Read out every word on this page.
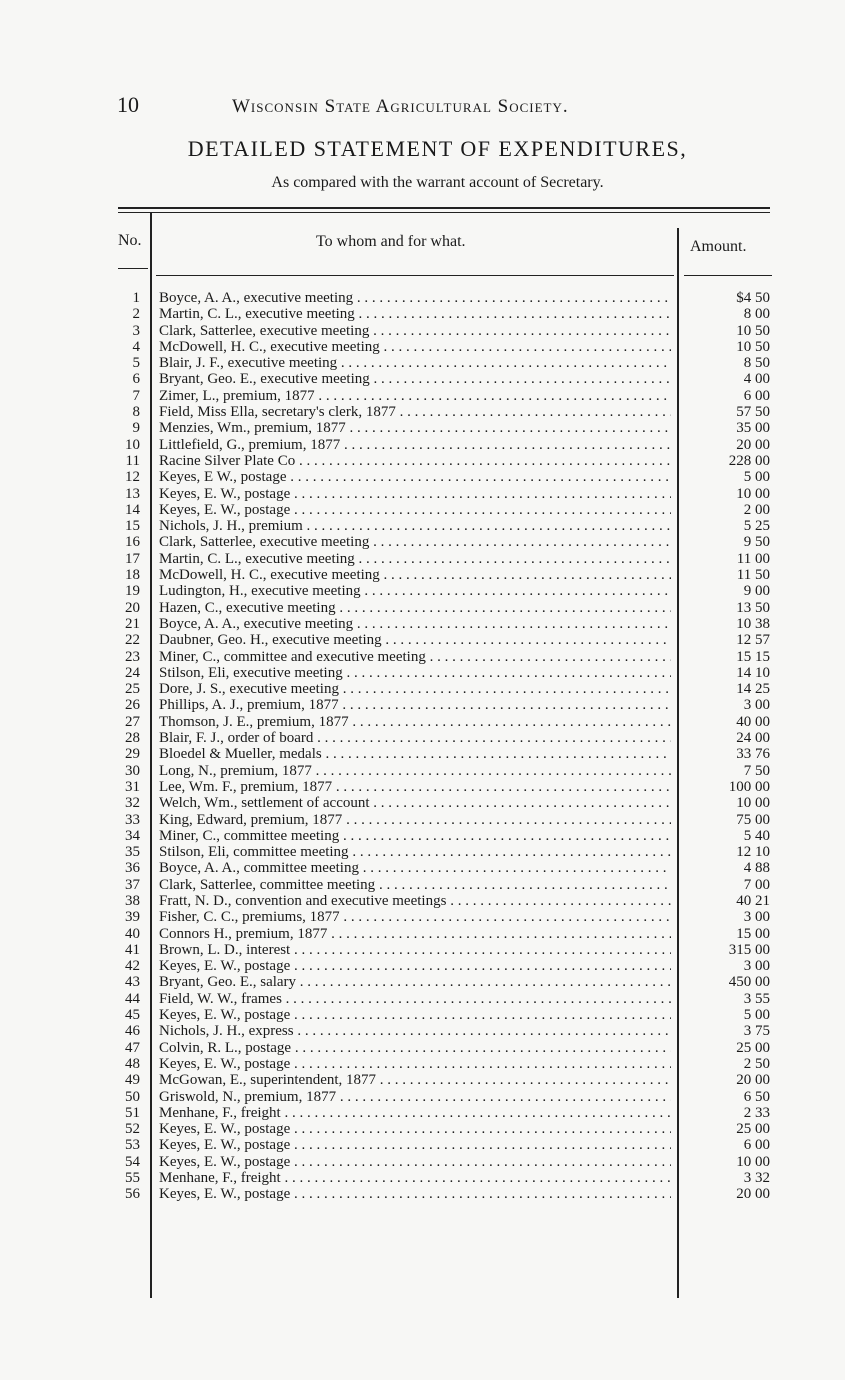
10	Wisconsin State Agricultural Society.
DETAILED STATEMENT OF EXPENDITURES,
As compared with the warrant account of Secretary.
No.	To whom and for what.	Amount.
1 Boyce, A. A., executive meeting . . .	$4 50
2 Martin, C. L., executive meeting . . .	8 00
3 Clark, Satterlee, executive meeting . . .	10 50
4 McDowell, H. C., executive meeting . . .	10 50
5 Blair, J. F., executive meeting . . .	8 50
6 Bryant, Geo. E., executive meeting . . .	4 00
7 Zimer, L., premium, 1877 . . .	6 00
8 Field, Miss Ella, secretary's clerk, 1877 . . .	57 50
9 Menzies, Wm., premium, 1877 . . .	35 00
10 Littlefield, G., premium, 1877 . . .	20 00
11 Racine Silver Plate Co . . .	228 00
12 Keyes, E W., postage . . .	5 00
13 Keyes, E. W., postage . . .	10 00
14 Keyes, E. W., postage . . .	2 00
15 Nichols, J. H., premium . . .	5 25
16 Clark, Satterlee, executive meeting . . .	9 50
17 Martin, C. L., executive meeting . . .	11 00
18 McDowell, H. C., executive meeting . . .	11 50
19 Ludington, H., executive meeting . . .	9 00
20 Hazen, C., executive meeting . . .	13 50
21 Boyce, A. A., executive meeting . . .	10 38
22 Daubner, Geo. H., executive meeting . . .	12 57
23 Miner, C., committee and executive meeting . . .	15 15
24 Stilson, Eli, executive meeting . . .	14 10
25 Dore, J. S., executive meeting . . .	14 25
26 Phillips, A. J., premium, 1877 . . .	3 00
27 Thomson, J. E., premium, 1877 . . .	40 00
28 Blair, F. J., order of board . . .	24 00
29 Bloedel & Mueller, medals . . .	33 76
30 Long, N., premium, 1877 . . .	7 50
31 Lee, Wm. F., premium, 1877 . . .	100 00
32 Welch, Wm., settlement of account . . .	10 00
33 King, Edward, premium, 1877 . . .	75 00
34 Miner, C., committee meeting . . .	5 40
35 Stilson, Eli, committee meeting . . .	12 10
36 Boyce, A. A., committee meeting . . .	4 88
37 Clark, Satterlee, committee meeting . . .	7 00
38 Fratt, N. D., convention and executive meetings . . .	40 21
39 Fisher, C. C., premiums, 1877 . . .	3 00
40 Connors H., premium, 1877 . . .	15 00
41 Brown, L. D., interest . . .	315 00
42 Keyes, E. W., postage . . .	3 00
43 Bryant, Geo. E., salary . . .	450 00
44 Field, W. W., frames . . .	3 55
45 Keyes, E. W., postage . . .	5 00
46 Nichols, J. H., express . . .	3 75
47 Colvin, R. L., postage . . .	25 00
48 Keyes, E. W., postage . . .	2 50
49 McGowan, E., superintendent, 1877 . . .	20 00
50 Griswold, N., premium, 1877 . . .	6 50
51 Menhane, F., freight . . .	2 33
52 Keyes, E. W., postage . . .	25 00
53 Keyes, E. W., postage . . .	6 00
54 Keyes, E. W., postage . . .	10 00
55 Menhane, F., freight . . .	3 32
56 Keyes, E. W., postage . . .	20 00
